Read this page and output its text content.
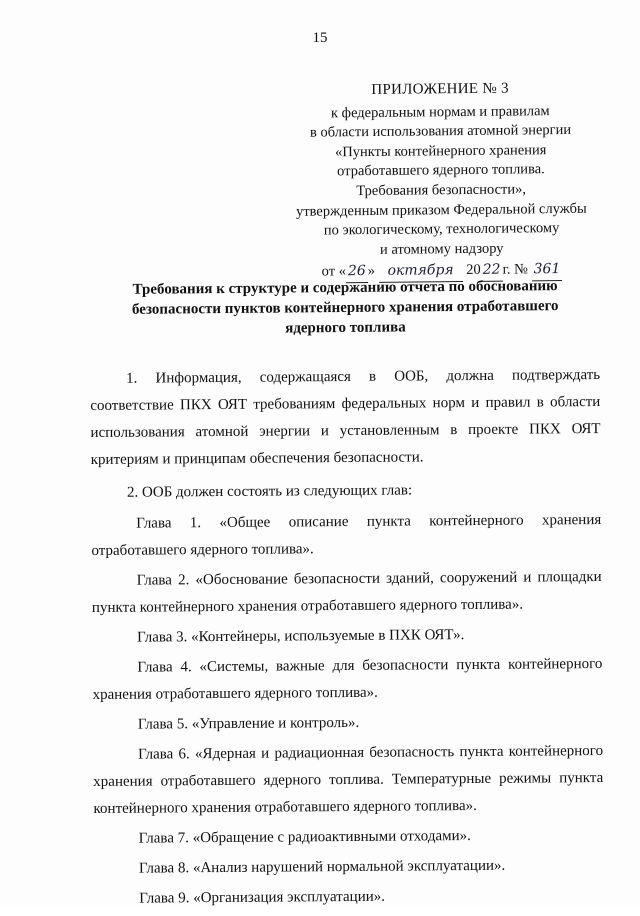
15
ПРИЛОЖЕНИЕ № 3
к федеральным нормам и правилам
в области использования атомной энергии
«Пункты контейнерного хранения
отработавшего ядерного топлива.
Требования безопасности»,
утвержденным приказом Федеральной службы
по экологическому, технологическому
и атомному надзору
от « 26 » октября 20 22 г. № 361
Требования к структуре и содержанию отчета по обоснованию безопасности пунктов контейнерного хранения отработавшего ядерного топлива

1. Информация, содержащаяся в ООБ, должна подтверждать соответствие ПКХ ОЯТ требованиям федеральных норм и правил в области использования атомной энергии и установленным в проекте ПКХ ОЯТ критериям и принципам обеспечения безопасности.

2. ООБ должен состоять из следующих глав:

Глава 1. «Общее описание пункта контейнерного хранения отработавшего ядерного топлива».

Глава 2. «Обоснование безопасности зданий, сооружений и площадки пункта контейнерного хранения отработавшего ядерного топлива».

Глава 3. «Контейнеры, используемые в ПХК ОЯТ».

Глава 4. «Системы, важные для безопасности пункта контейнерного хранения отработавшего ядерного топлива».

Глава 5. «Управление и контроль».

Глава 6. «Ядерная и радиационная безопасность пункта контейнерного хранения отработавшего ядерного топлива. Температурные режимы пункта контейнерного хранения отработавшего ядерного топлива».

Глава 7. «Обращение с радиоактивными отходами».

Глава 8. «Анализ нарушений нормальной эксплуатации».

Глава 9. «Организация эксплуатации».
